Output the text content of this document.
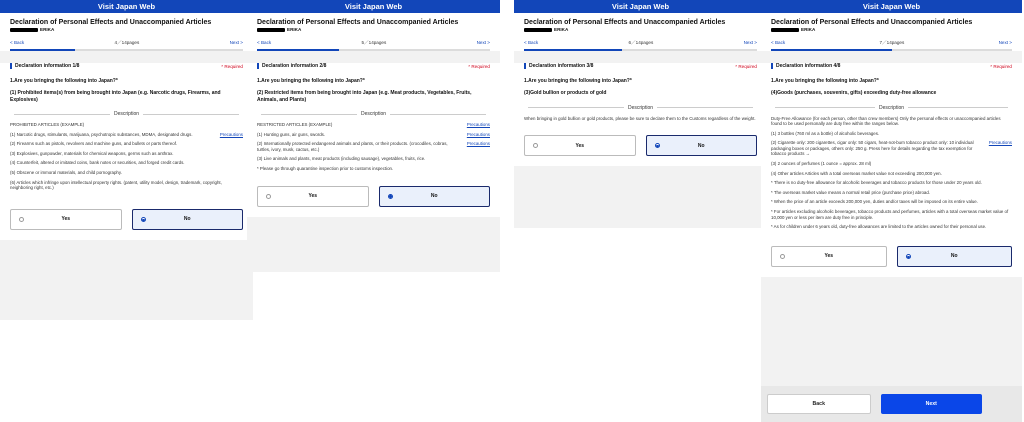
Visit Japan Web
Declaration of Personal Effects and Unaccompanied Articles
ERIKA
< Back	4／14pages	Next >
Declaration information 1/8	* Required
1.Are you bringing the following into Japan?*
(1) Prohibited items(s) from being brought into Japan (e.g. Narcotic drugs, Firearms, and Explosives)
Description
PROHIBITED ARTICLES (EXAMPLE)
(1) Narcotic drugs, stimulants, marijuana, psychotropic substances, MDMA, designated drugs.	Precautions
(2) Firearms such as pistols, revolvers and machine guns, and bullets or parts thereof.
(3) Explosives, gunpowder, materials for chemical weapons, germs such as anthrax.
(4) Counterfeit, altered or imitated coins, bank notes or securities, and forged credit cards.
(5) Obscene or immoral materials, and child pornography.
(6) Articles which infringe upon intellectual property rights. (patent, utility model, design, trademark, copyright, neighboring right, etc.)
Yes	No
Visit Japan Web
Declaration of Personal Effects and Unaccompanied Articles
ERIKA
< Back	5／14pages	Next >
Declaration information 2/8	* Required
1.Are you bringing the following into Japan?*
(2) Restricted items from being brought into Japan (e.g. Meat products, Vegetables, Fruits, Animals, and Plants)
Description
RESTRICTED ARTICLES (EXAMPLE)	Precautions
(1) Hunting guns, air guns, swords.	Precautions
(2) Internationally protected endangered animals and plants, or their products. (crocodiles, cobras, turtles, ivory, musk, cactus, etc.)
Precautions
(3) Live animals and plants, meat products (including sausage), vegetables, fruits, rice.
* Please go through quarantine inspection prior to customs inspection.
Yes	No
Visit Japan Web
Declaration of Personal Effects and Unaccompanied Articles
ERIKA
< Back	6／14pages	Next >
Declaration information 3/8	* Required
1.Are you bringing the following into Japan?*
(3)Gold bullion or products of gold
Description
When bringing in gold bullion or gold products, please be sure to declare them to the Customs regardless of the weight.
Yes	No
Visit Japan Web
Declaration of Personal Effects and Unaccompanied Articles
ERIKA
< Back	7／14pages	Next >
Declaration information 4/8	* Required
1.Are you bringing the following into Japan?*
(4)Goods (purchases, souvenirs, gifts) exceeding duty-free allowance
Description
Duty-Free Allowance (for each person, other than crew members) Only the personal effects or unaccompanied articles found to be used personally are duty free within the ranges below.
(1) 3 bottles (760 ml as a bottle) of alcoholic beverages.
(2) Cigarette only: 200 cigarettes, cigar only: 50 cigars, heat-not-burn tobacco product only: 10 individual packaging boxes or packages, others only: 250 g. Press here for details regarding the tax exemption for tobacco products →
Precautions
(3) 2 ounces of perfumes (1 ounce = approx. 28 ml)
(4) Other articles Articles with a total overseas market value not exceeding 200,000 yen.
* There is no duty-free allowance for alcoholic beverages and tobacco products for those under 20 years old.
* The overseas market value means a normal retail price (purchase price) abroad.
* When the price of an article exceeds 200,000 yen, duties and/or taxes will be imposed on its entire value.
* For articles excluding alcoholic beverages, tobacco products and perfumes, articles with a total overseas market value of 10,000 yen or less per item are duty free in principle.
* As for children under 6 years old, duty-free allowances are limited to the articles owned for their personal use.
Yes	No
Back	Next
